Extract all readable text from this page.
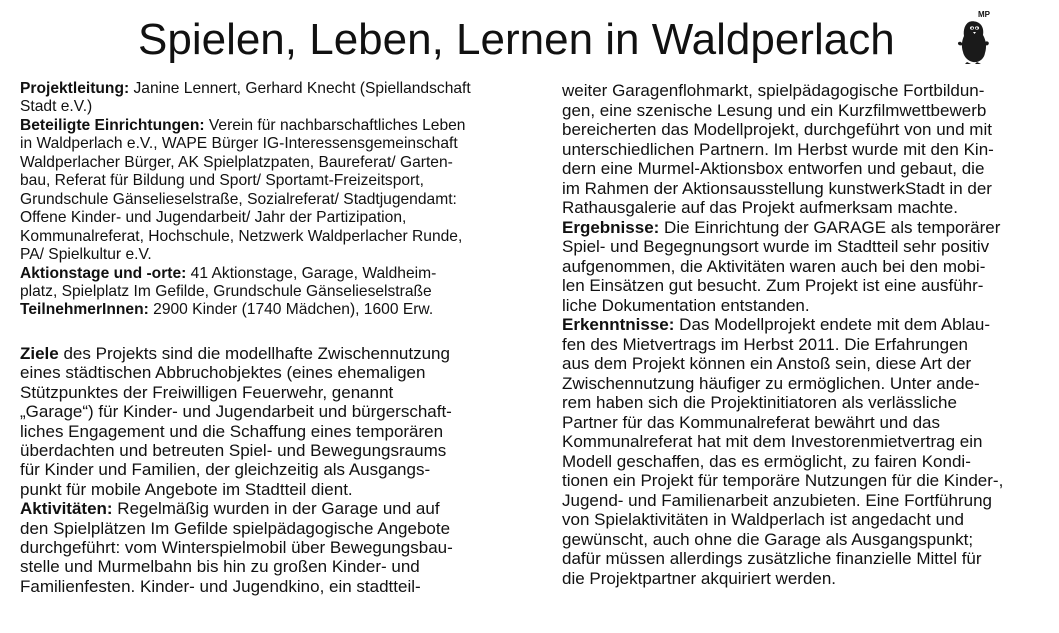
Spielen, Leben, Lernen in Waldperlach
MP
Projektleitung: Janine Lennert, Gerhard Knecht (Spiellandschaft
Stadt e.V.)
Beteiligte Einrichtungen: Verein für nachbarschaftliches Leben
in Waldperlach e.V., WAPE Bürger IG-Interessensgemeinschaft
Waldperlacher Bürger, AK Spielplatzpaten, Baureferat/ Garten-
bau, Referat für Bildung und Sport/ Sportamt-Freizeitsport,
Grundschule Gänselieselstraße, Sozialreferat/ Stadtjugendamt:
Offene Kinder- und Jugendarbeit/ Jahr der Partizipation,
Kommunalreferat, Hochschule, Netzwerk Waldperlacher Runde,
PA/ Spielkultur e.V.
Aktionstage und -orte: 41 Aktionstage, Garage, Waldheim-
platz, Spielplatz Im Gefilde, Grundschule Gänselieselstraße
TeilnehmerInnen: 2900 Kinder (1740 Mädchen), 1600 Erw.
Ziele des Projekts sind die modellhafte Zwischennutzung
eines städtischen Abbruchobjektes (eines ehemaligen
Stützpunktes der Freiwilligen Feuerwehr, genannt
„Garage“) für Kinder- und Jugendarbeit und bürgerschaft-
liches Engagement und die Schaffung eines temporären
überdachten und betreuten Spiel- und Bewegungsraums
für Kinder und Familien, der gleichzeitig als Ausgangs-
punkt für mobile Angebote im Stadtteil dient.
Aktivitäten: Regelmäßig wurden in der Garage und auf
den Spielplätzen Im Gefilde spielpädagogische Angebote
durchgeführt: vom Winterspielmobil über Bewegungsbau-
stelle und Murmelbahn bis hin zu großen Kinder- und
Familienfesten. Kinder- und Jugendkino, ein stadtteil-
weiter Garagenflohmarkt, spielpädagogische Fortbildun-
gen, eine szenische Lesung und ein Kurzfilmwettbewerb
bereicherten das Modellprojekt, durchgeführt von und mit
unterschiedlichen Partnern. Im Herbst wurde mit den Kin-
dern eine Murmel-Aktionsbox entworfen und gebaut, die
im Rahmen der Aktionsausstellung kunstwerkStadt in der
Rathausgalerie auf das Projekt aufmerksam machte.
Ergebnisse: Die Einrichtung der GARAGE als temporärer
Spiel- und Begegnungsort wurde im Stadtteil sehr positiv
aufgenommen, die Aktivitäten waren auch bei den mobi-
len Einsätzen gut besucht. Zum Projekt ist eine ausführ-
liche Dokumentation entstanden.
Erkenntnisse: Das Modellprojekt endete mit dem Ablau-
fen des Mietvertrags im Herbst 2011. Die Erfahrungen
aus dem Projekt können ein Anstoß sein, diese Art der
Zwischennutzung häufiger zu ermöglichen. Unter ande-
rem haben sich die Projektinitiatoren als verlässliche
Partner für das Kommunalreferat bewährt und das
Kommunalreferat hat mit dem Investorenmietvertrag ein
Modell geschaffen, das es ermöglicht, zu fairen Kondi-
tionen ein Projekt für temporäre Nutzungen für die Kinder-,
Jugend- und Familienarbeit anzubieten. Eine Fortführung
von Spielaktivitäten in Waldperlach ist angedacht und
gewünscht, auch ohne die Garage als Ausgangspunkt;
dafür müssen allerdings zusätzliche finanzielle Mittel für
die Projektpartner akquiriert werden.
